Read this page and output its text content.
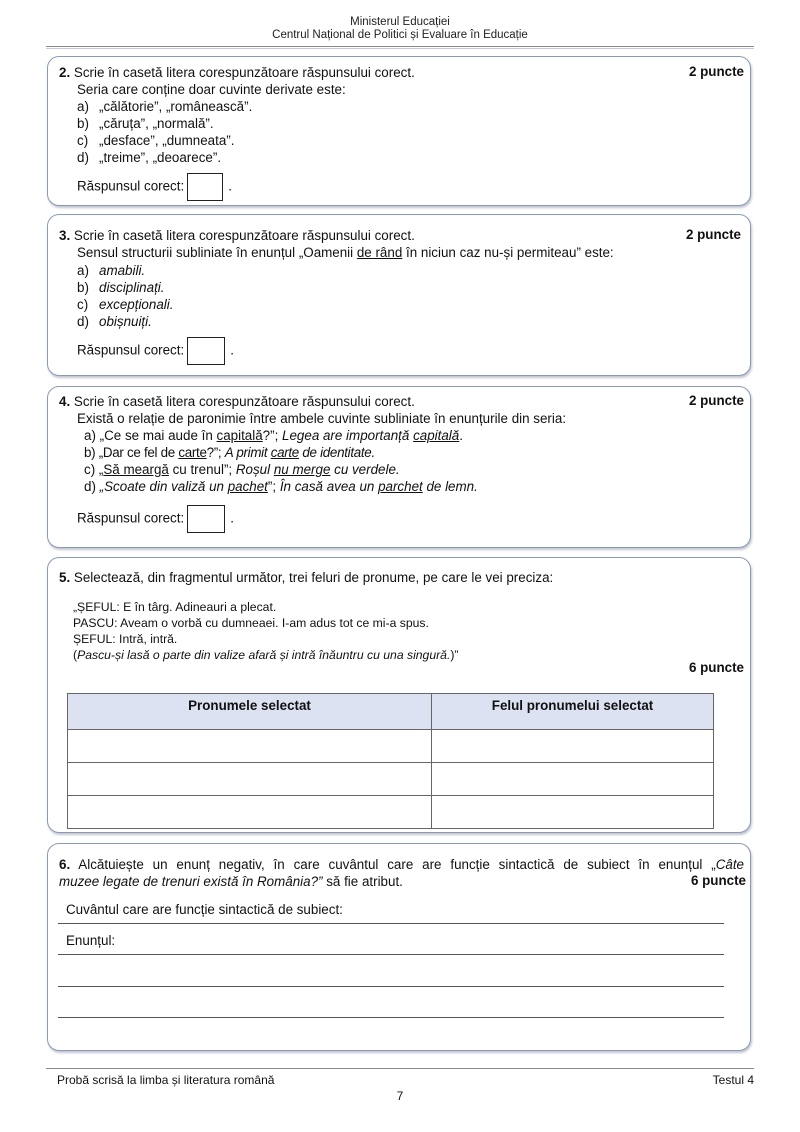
Ministerul Educației
Centrul Național de Politici și Evaluare în Educație
2. Scrie în casetă litera corespunzătoare răspunsului corect.	2 puncte
Seria care conține doar cuvinte derivate este:
a) „călătorie”, „românească”.
b) „căruța”, „normală”.
c) „desface”, „dumneata”.
d) „treime”, „deoarece”.
Răspunsul corect:	.
3. Scrie în casetă litera corespunzătoare răspunsului corect.	2 puncte
Sensul structurii subliniate în enunțul „Oamenii de rând în niciun caz nu-și permiteau” este:
a) amabili.
b) disciplinați.
c) excepționali.
d) obișnuiți.
Răspunsul corect:	.
4. Scrie în casetă litera corespunzătoare răspunsului corect.	2 puncte
Există o relație de paronimie între ambele cuvinte subliniate în enunțurile din seria:
a) „Ce se mai aude în capitală?”; Legea are importanță capitală.
b) „Dar ce fel de carte?”; A primit carte de identitate.
c) „Să meargă cu trenul”; Roșul nu merge cu verdele.
d) „Scoate din valiză un pachet”; În casă avea un parchet de lemn.
Răspunsul corect:	.
5. Selectează, din fragmentul următor, trei feluri de pronume, pe care le vei preciza:
„ȘEFUL: E în târg. Adineauri a plecat.
PASCU: Aveam o vorbă cu dumneaei. I-am adus tot ce mi-a spus.
ȘEFUL: Intră, intră.
(Pascu-și lasă o parte din valize afară și intră înăuntru cu una singură.)”
6 puncte
Pronumele selectat	Felul pronumelui selectat

6. Alcătuiește un enunț negativ, în care cuvântul care are funcție sintactică de subiect în enunțul „Câte
muzee legate de trenuri există în România?” să fie atribut.	6 puncte
Cuvântul care are funcție sintactică de subiect:
Enunțul:
Probă scrisă la limba și literatura română	Testul 4
7
